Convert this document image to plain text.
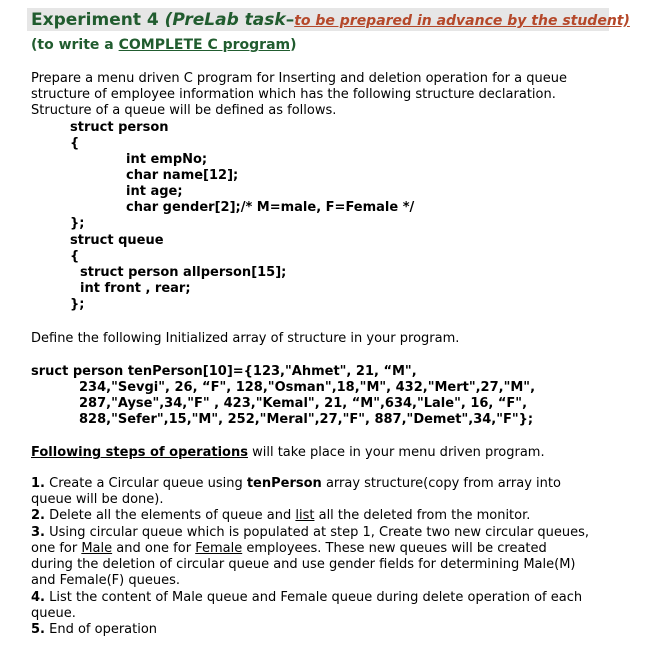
Experiment 4 (PreLab task–to be prepared in advance by the student)
(to write a COMPLETE C program)
Prepare a menu driven C program for Inserting and deletion operation for a queue
structure of employee information which has the following structure declaration.
Structure of a queue will be defined as follows.
struct person
{
int empNo;
char name[12];
int age;
char gender[2];/* M=male, F=Female */
};
struct queue
{
struct person allperson[15];
int front , rear;
};
Define the following Initialized array of structure in your program.
sruct person tenPerson[10]={123,"Ahmet", 21, “M",
234,"Sevgi", 26, “F", 128,"Osman",18,"M", 432,"Mert",27,"M",
287,"Ayse",34,"F" , 423,"Kemal", 21, “M",634,"Lale", 16, “F",
828,"Sefer",15,"M", 252,"Meral",27,"F", 887,"Demet",34,"F"};
Following steps of operations will take place in your menu driven program.
1. Create a Circular queue using tenPerson array structure(copy from array into
queue will be done).
2. Delete all the elements of queue and list all the deleted from the monitor.
3. Using circular queue which is populated at step 1, Create two new circular queues,
one for Male and one for Female employees. These new queues will be created
during the deletion of circular queue and use gender fields for determining Male(M)
and Female(F) queues.
4. List the content of Male queue and Female queue during delete operation of each
queue.
5. End of operation
